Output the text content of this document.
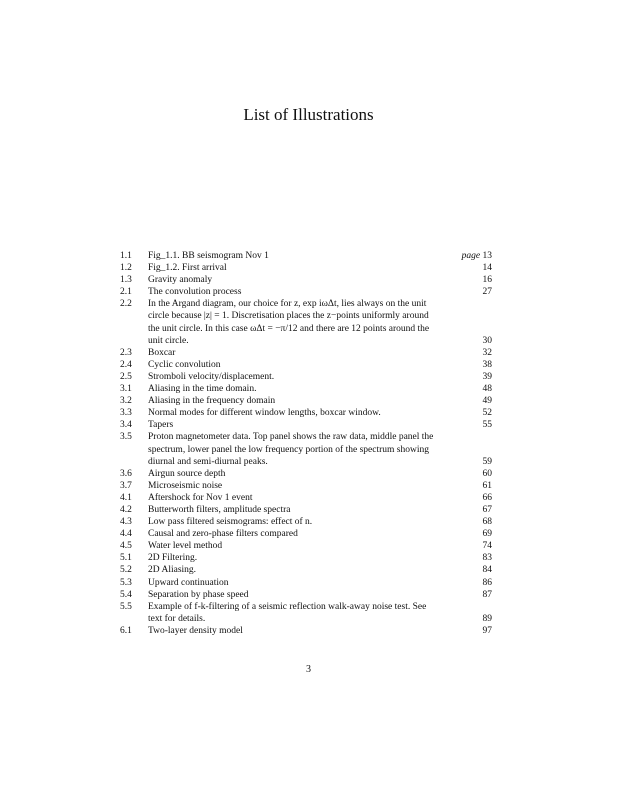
List of Illustrations
1.1	Fig_1.1. BB seismogram Nov 1	page 13
1.2	Fig_1.2. First arrival	14
1.3	Gravity anomaly	16
2.1	The convolution process	27
2.2	In the Argand diagram, our choice for z, exp iωΔt, lies always on the unit
circle because |z| = 1. Discretisation places the z−points uniformly around
the unit circle. In this case ωΔt = −π/12 and there are 12 points around the
unit circle.	30
2.3	Boxcar	32
2.4	Cyclic convolution	38
2.5	Stromboli velocity/displacement.	39
3.1	Aliasing in the time domain.	48
3.2	Aliasing in the frequency domain	49
3.3	Normal modes for different window lengths, boxcar window.	52
3.4	Tapers	55
3.5	Proton magnetometer data. Top panel shows the raw data, middle panel the
spectrum, lower panel the low frequency portion of the spectrum showing
diurnal and semi-diurnal peaks.	59
3.6	Airgun source depth	60
3.7	Microseismic noise	61
4.1	Aftershock for Nov 1 event	66
4.2	Butterworth filters, amplitude spectra	67
4.3	Low pass filtered seismograms: effect of n.	68
4.4	Causal and zero-phase filters compared	69
4.5	Water level method	74
5.1	2D Filtering.	83
5.2	2D Aliasing.	84
5.3	Upward continuation	86
5.4	Separation by phase speed	87
5.5	Example of f-k-filtering of a seismic reflection walk-away noise test. See
text for details.	89
6.1	Two-layer density model	97
3
